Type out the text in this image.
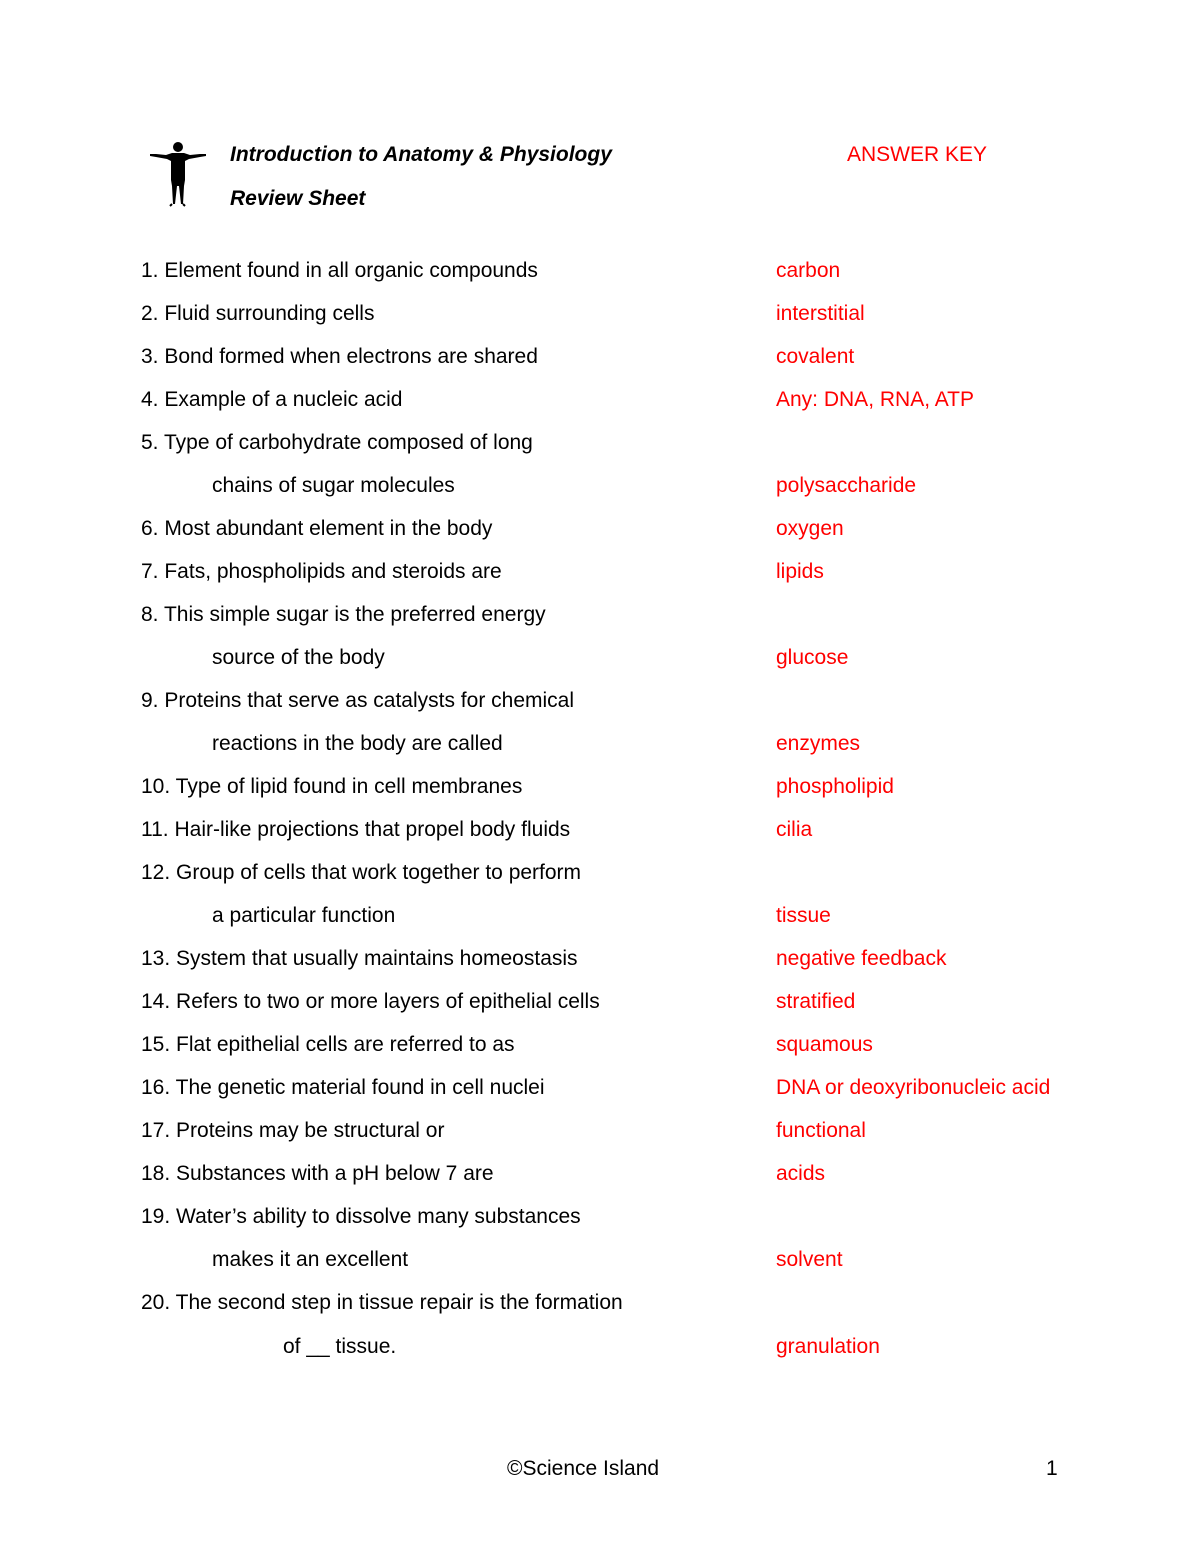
Introduction to Anatomy & Physiology
Review Sheet
ANSWER KEY
1. Element found in all organic compounds	carbon
2. Fluid surrounding cells	interstitial
3. Bond formed when electrons are shared	covalent
4. Example of a nucleic acid	Any: DNA, RNA, ATP
5. Type of carbohydrate composed of long
chains of sugar molecules	polysaccharide
6. Most abundant element in the body	oxygen
7. Fats, phospholipids and steroids are	lipids
8. This simple sugar is the preferred energy
source of the body	glucose
9. Proteins that serve as catalysts for chemical
reactions in the body are called	enzymes
10. Type of lipid found in cell membranes	phospholipid
11. Hair-like projections that propel body fluids	cilia
12. Group of cells that work together to perform
a particular function	tissue
13. System that usually maintains homeostasis	negative feedback
14. Refers to two or more layers of epithelial cells	stratified
15. Flat epithelial cells are referred to as	squamous
16. The genetic material found in cell nuclei	DNA or deoxyribonucleic acid
17. Proteins may be structural or	functional
18. Substances with a pH below 7 are	acids
19. Water’s ability to dissolve many substances
makes it an excellent	solvent
20. The second step in tissue repair is the formation
of __ tissue.	granulation
©Science Island	1
